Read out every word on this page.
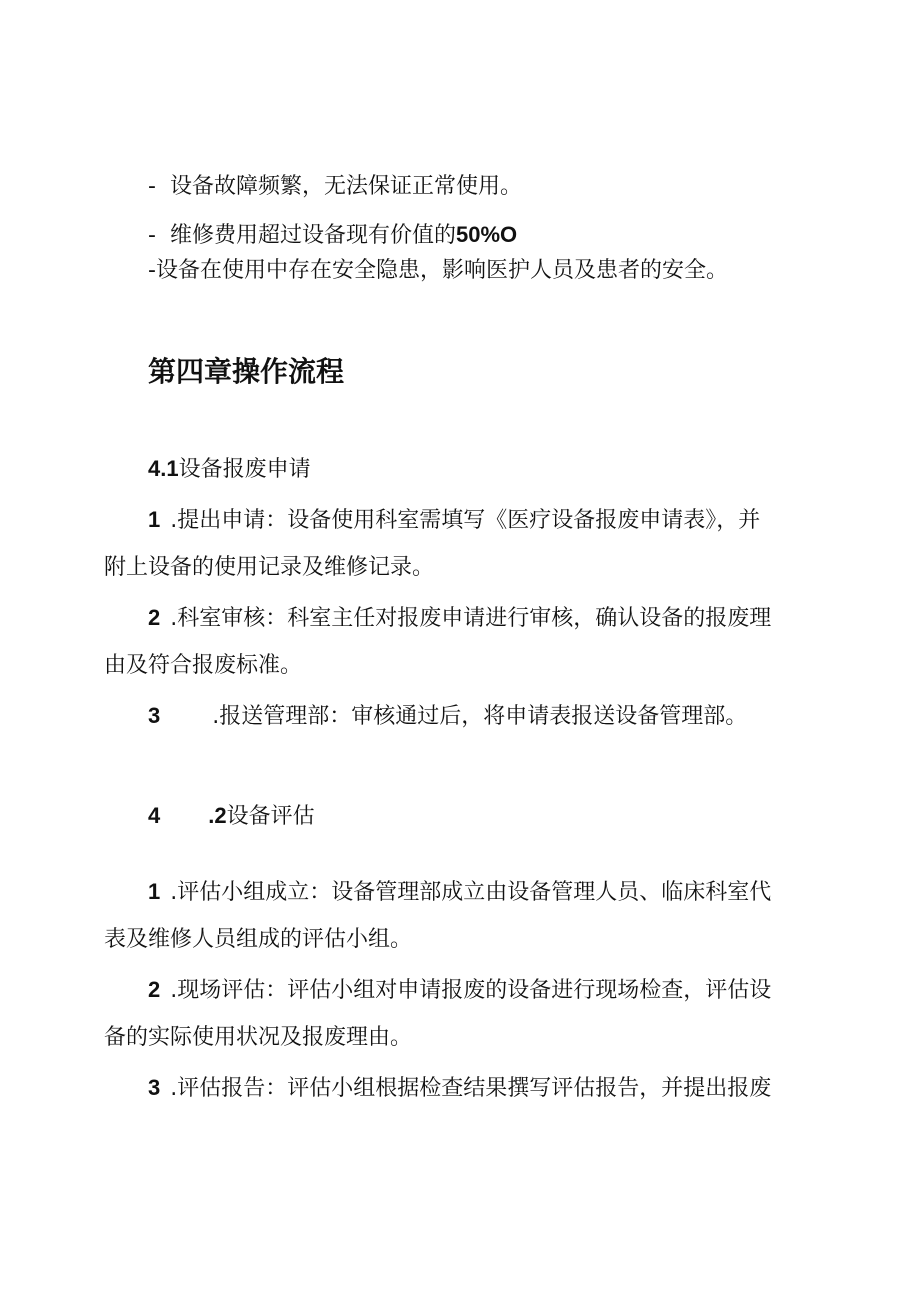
- 设备故障频繁，无法保证正常使用。
- 维修费用超过设备现有价值的50%O
-设备在使用中存在安全隐患，影响医护人员及患者的安全。
第四章操作流程
4.1设备报废申请
1 .提出申请：设备使用科室需填写《医疗设备报废申请表》，并
附上设备的使用记录及维修记录。
2 .科室审核：科室主任对报废申请进行审核，确认设备的报废理
由及符合报废标准。
3 .报送管理部：审核通过后，将申请表报送设备管理部。
4 .2设备评估
1 .评估小组成立：设备管理部成立由设备管理人员、临床科室代
表及维修人员组成的评估小组。
2 .现场评估：评估小组对申请报废的设备进行现场检查，评估设
备的实际使用状况及报废理由。
3 .评估报告：评估小组根据检查结果撰写评估报告，并提出报废
